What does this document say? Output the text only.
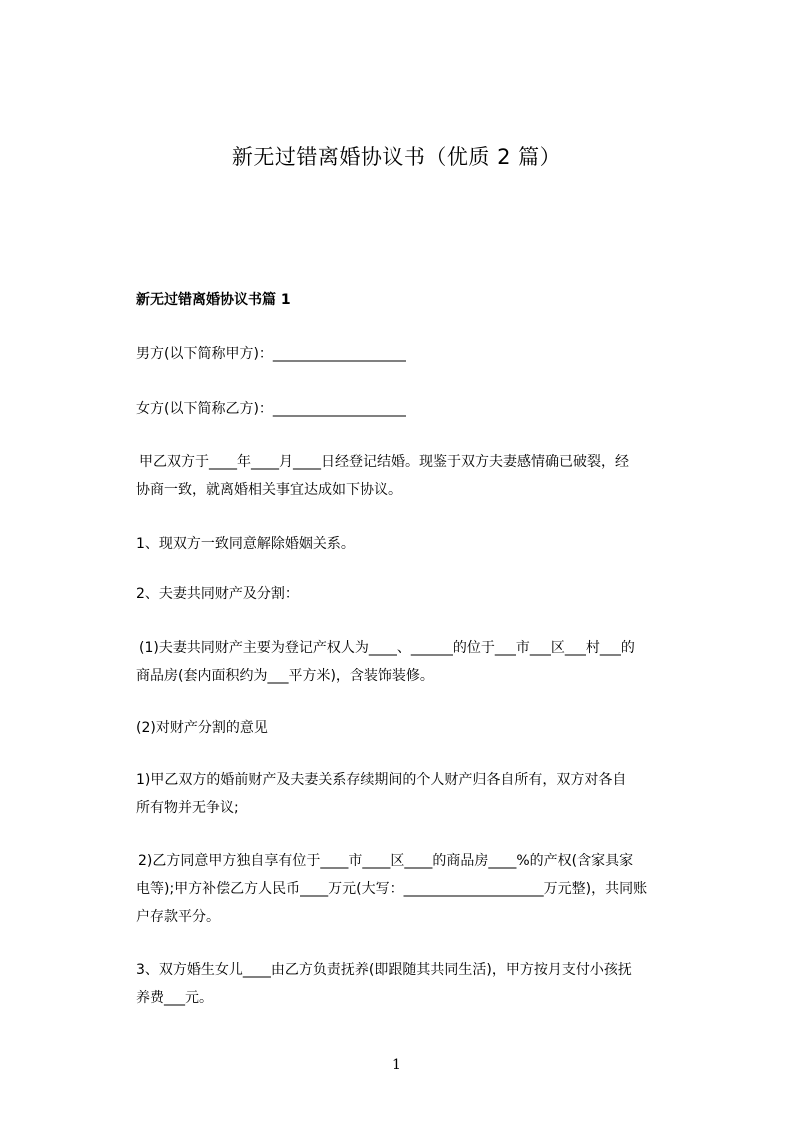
新无过错离婚协议书（优质 2 篇）
新无过错离婚协议书篇 1
男方(以下简称甲方)：___________________
女方(以下简称乙方)：___________________
甲乙双方于____年____月____日经登记结婚。现鉴于双方夫妻感情确已破裂，经
协商一致，就离婚相关事宜达成如下协议。
1、现双方一致同意解除婚姻关系。
2、夫妻共同财产及分割：
(1)夫妻共同财产主要为登记产权人为____、______的位于___市___区___村___的
商品房(套内面积约为___平方米)，含装饰装修。
(2)对财产分割的意见
1)甲乙双方的婚前财产及夫妻关系存续期间的个人财产归各自所有，双方对各自
所有物并无争议;
2)乙方同意甲方独自享有位于____市____区____的商品房____%的产权(含家具家
电等);甲方补偿乙方人民币____万元(大写：____________________万元整)，共同账
户存款平分。
3、双方婚生女儿____由乙方负责抚养(即跟随其共同生活)，甲方按月支付小孩抚
养费___元。
1
